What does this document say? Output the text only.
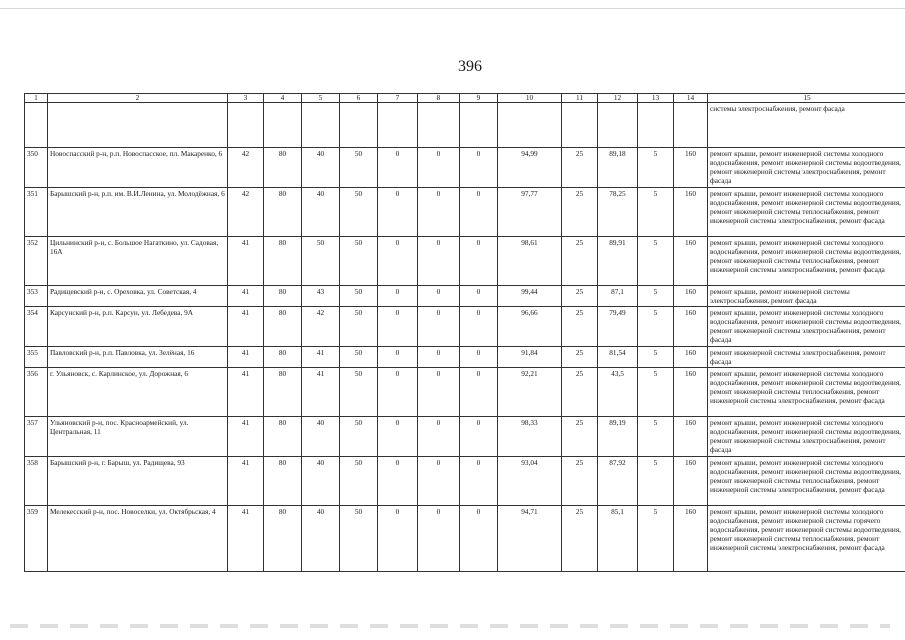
396
1	2	3	4	5	6	7	8	9	10	11	12	13	14	15
														системы электроснабжения, ремонт фасада
350	Новоспасский р-н, р.п. Новоспасское, пл. Макаренко, 6	42	80	40	50	0	0	0	94,99	25	89,18	5	160	ремонт крыши, ремонт инженерной системы холодного водоснабжения, ремонт инженерной системы водоотведения, ремонт инженерной системы электроснабжения, ремонт фасада
351	Барышский р-н, р.п. им. В.И.Ленина, ул. Молодёжная, 6	42	80	40	50	0	0	0	97,77	25	78,25	5	160	ремонт крыши, ремонт инженерной системы холодного водоснабжения, ремонт инженерной системы водоотведения, ремонт инженерной системы теплоснабжения, ремонт инженерной системы электроснабжения, ремонт фасада
352	Цильнинский р-н, с. Большое Нагаткино, ул. Садовая, 16А	41	80	50	50	0	0	0	98,61	25	89,91	5	160	ремонт крыши, ремонт инженерной системы холодного водоснабжения, ремонт инженерной системы водоотведения, ремонт инженерной системы теплоснабжения, ремонт инженерной системы электроснабжения, ремонт фасада
353	Радищевский р-н, с. Ореховка, ул. Советская, 4	41	80	43	50	0	0	0	99,44	25	87,1	5	160	ремонт крыши, ремонт инженерной системы электроснабжения, ремонт фасада
354	Карсунский р-н, р.п. Карсун, ул. Лебедева, 9А	41	80	42	50	0	0	0	96,66	25	79,49	5	160	ремонт крыши, ремонт инженерной системы холодного водоснабжения, ремонт инженерной системы водоотведения, ремонт инженерной системы электроснабжения, ремонт фасада
355	Павловский р-н, р.п. Павловка, ул. Зелёная, 16	41	80	41	50	0	0	0	91,84	25	81,54	5	160	ремонт инженерной системы электроснабжения, ремонт фасада
356	г. Ульяновск, с. Карлинское, ул. Дорожная, 6	41	80	41	50	0	0	0	92,21	25	43,5	5	160	ремонт крыши, ремонт инженерной системы холодного водоснабжения, ремонт инженерной системы водоотведения, ремонт инженерной системы теплоснабжения, ремонт инженерной системы электроснабжения, ремонт фасада
357	Ульяновский р-н, пос. Красноармейский, ул. Центральная, 11	41	80	40	50	0	0	0	98,33	25	89,19	5	160	ремонт крыши, ремонт инженерной системы холодного водоснабжения, ремонт инженерной системы водоотведения, ремонт инженерной системы электроснабжения, ремонт фасада
358	Барышский р-н, г. Барыш, ул. Радищева, 93	41	80	40	50	0	0	0	93,04	25	87,92	5	160	ремонт крыши, ремонт инженерной системы холодного водоснабжения, ремонт инженерной системы водоотведения, ремонт инженерной системы теплоснабжения, ремонт инженерной системы электроснабжения, ремонт фасада
359	Мелекесский р-н, пос. Новоселки, ул. Октябрьская, 4	41	80	40	50	0	0	0	94,71	25	85,1	5	160	ремонт крыши, ремонт инженерной системы холодного водоснабжения, ремонт инженерной системы горячего водоснабжения, ремонт инженерной системы водоотведения, ремонт инженерной системы теплоснабжения, ремонт инженерной системы электроснабжения, ремонт фасада
